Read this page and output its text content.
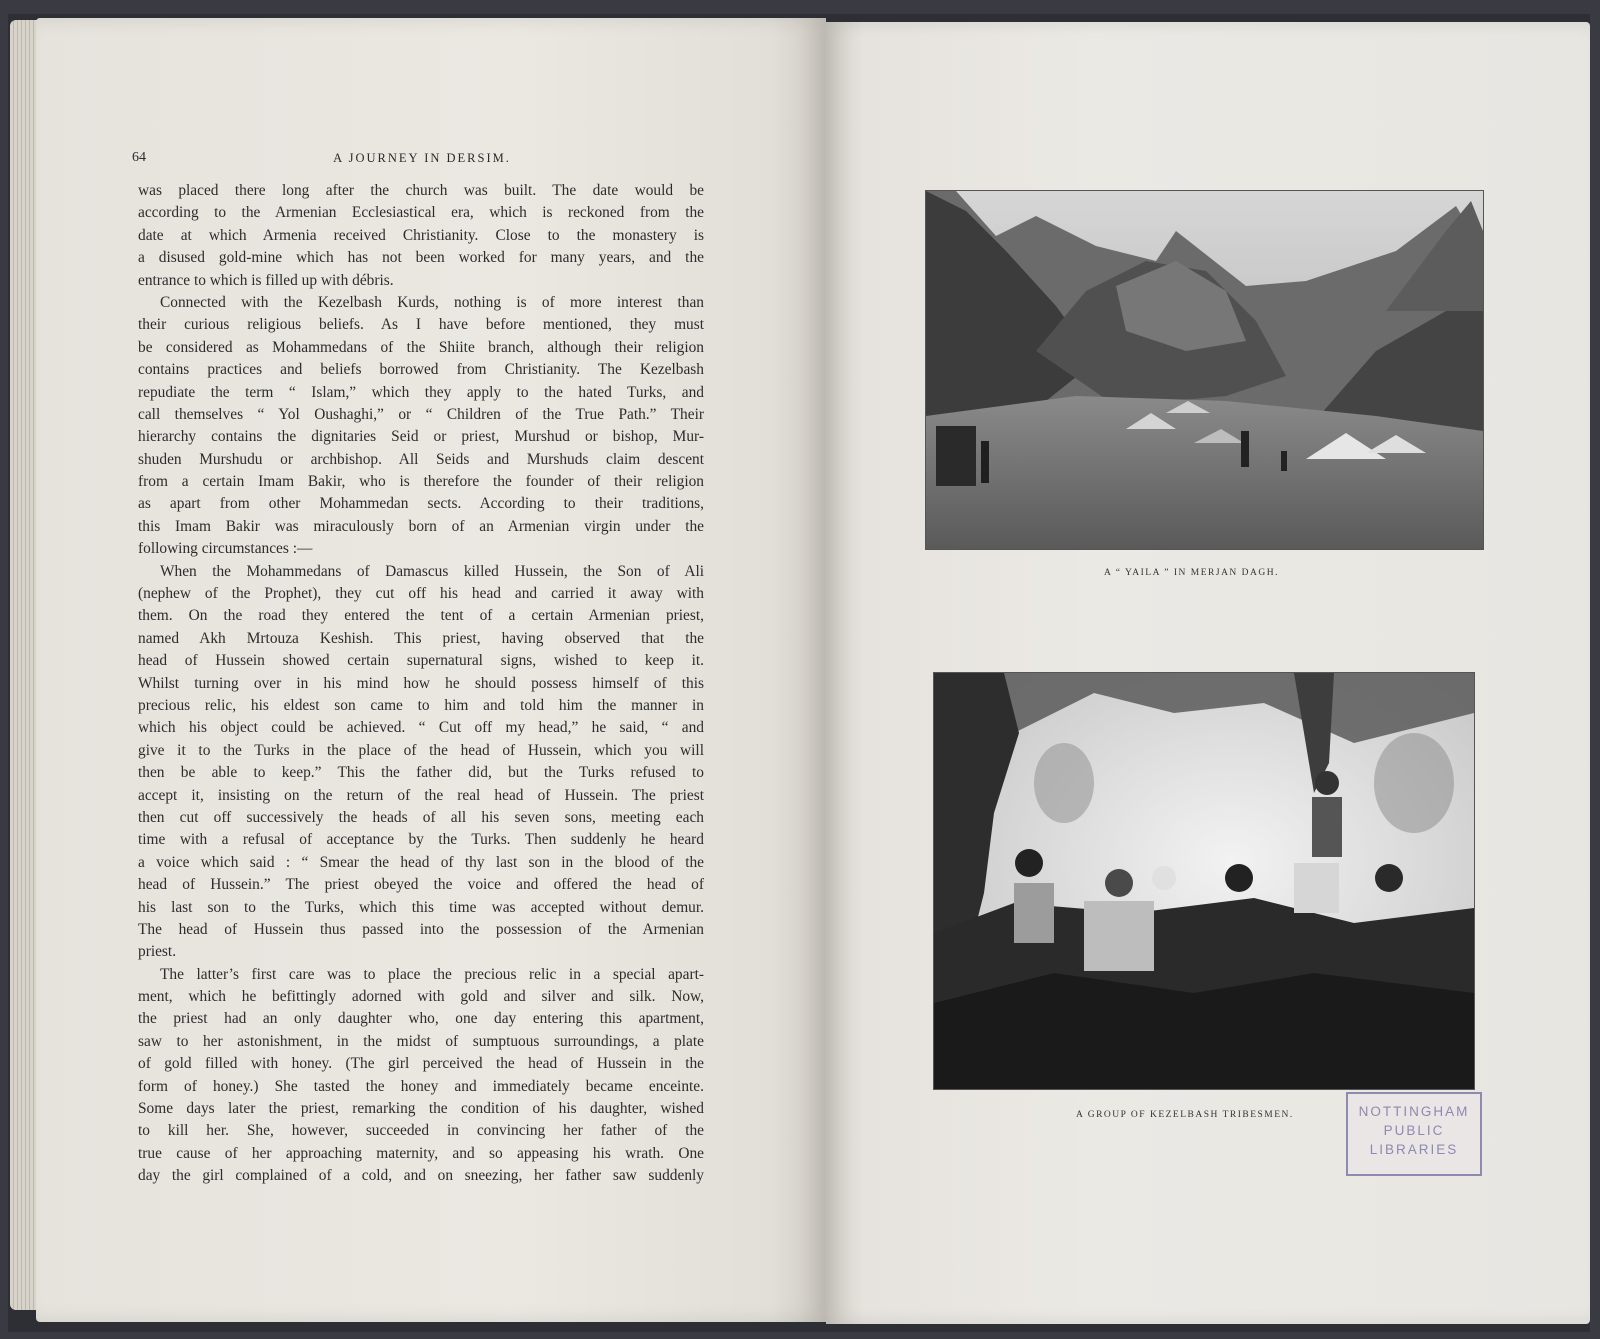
64	A JOURNEY IN DERSIM.
was placed there long after the church was built. The date would be
according to the Armenian Ecclesiastical era, which is reckoned from the
date at which Armenia received Christianity. Close to the monastery is
a disused gold-mine which has not been worked for many years, and the
entrance to which is filled up with débris.
Connected with the Kezelbash Kurds, nothing is of more interest than
their curious religious beliefs. As I have before mentioned, they must
be considered as Mohammedans of the Shiite branch, although their religion
contains practices and beliefs borrowed from Christianity. The Kezelbash
repudiate the term “ Islam,” which they apply to the hated Turks, and
call themselves “ Yol Oushaghi,” or “ Children of the True Path.” Their
hierarchy contains the dignitaries Seid or priest, Murshud or bishop, Mur-
shuden Murshudu or archbishop. All Seids and Murshuds claim descent
from a certain Imam Bakir, who is therefore the founder of their religion
as apart from other Mohammedan sects. According to their traditions,
this Imam Bakir was miraculously born of an Armenian virgin under the
following circumstances :—
When the Mohammedans of Damascus killed Hussein, the Son of Ali
(nephew of the Prophet), they cut off his head and carried it away with
them. On the road they entered the tent of a certain Armenian priest,
named Akh Mrtouza Keshish. This priest, having observed that the
head of Hussein showed certain supernatural signs, wished to keep it.
Whilst turning over in his mind how he should possess himself of this
precious relic, his eldest son came to him and told him the manner in
which his object could be achieved. “ Cut off my head,” he said, “ and
give it to the Turks in the place of the head of Hussein, which you will
then be able to keep.” This the father did, but the Turks refused to
accept it, insisting on the return of the real head of Hussein. The priest
then cut off successively the heads of all his seven sons, meeting each
time with a refusal of acceptance by the Turks. Then suddenly he heard
a voice which said : “ Smear the head of thy last son in the blood of the
head of Hussein.” The priest obeyed the voice and offered the head of
his last son to the Turks, which this time was accepted without demur.
The head of Hussein thus passed into the possession of the Armenian
priest.
The latter’s first care was to place the precious relic in a special apart-
ment, which he befittingly adorned with gold and silver and silk. Now,
the priest had an only daughter who, one day entering this apartment,
saw to her astonishment, in the midst of sumptuous surroundings, a plate
of gold filled with honey. (The girl perceived the head of Hussein in the
form of honey.) She tasted the honey and immediately became enceinte.
Some days later the priest, remarking the condition of his daughter, wished
to kill her. She, however, succeeded in convincing her father of the
true cause of her approaching maternity, and so appeasing his wrath. One
day the girl complained of a cold, and on sneezing, her father saw suddenly
A “ YAILA ” IN MERJAN DAGH.
A GROUP OF KEZELBASH TRIBESMEN.	NOTTINGHAM
PUBLIC
LIBRARIES
